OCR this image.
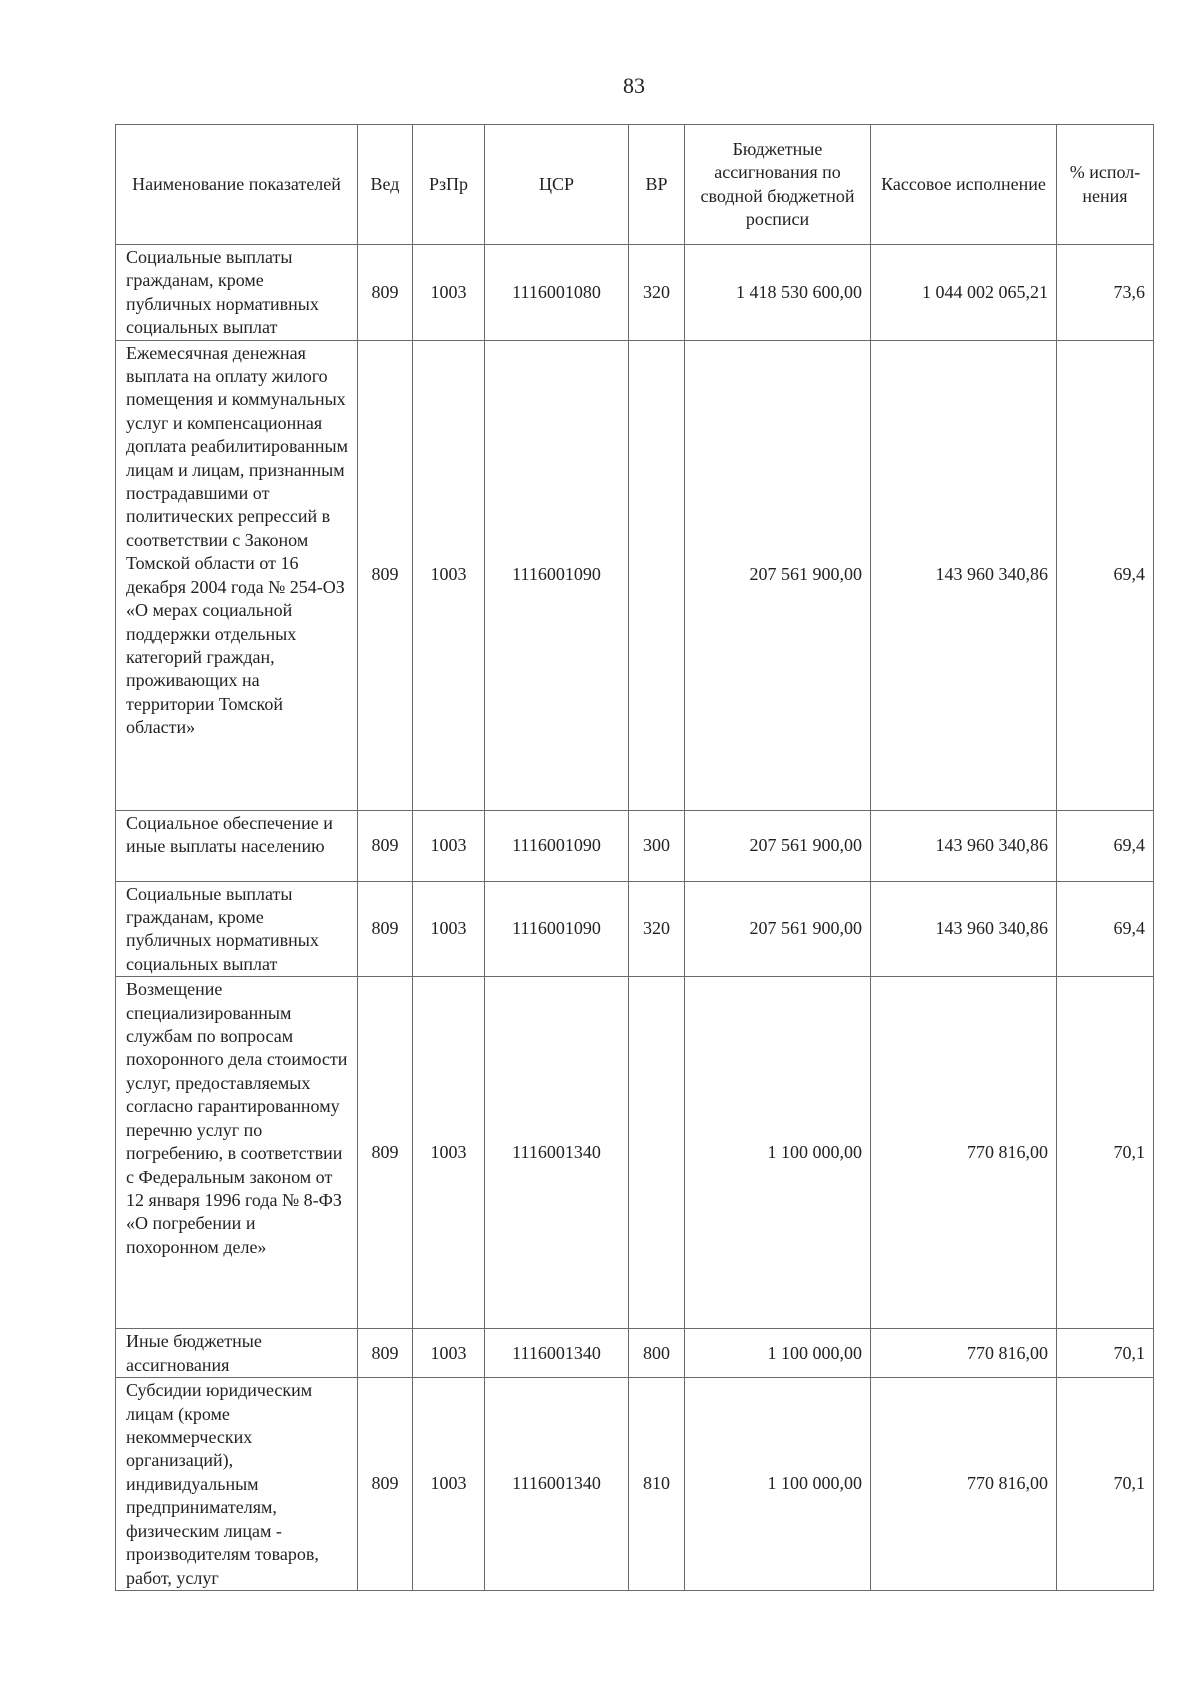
83
Наименование показателей	Вед	РзПр	ЦСР	ВР	Бюджетные ассигнования по сводной бюджетной росписи	Кассовое исполнение	% испол-нения
Социальные выплаты гражданам, кроме публичных нормативных социальных выплат	809	1003	1116001080	320	1 418 530 600,00	1 044 002 065,21	73,6
Ежемесячная денежная выплата на оплату жилого помещения и коммунальных услуг и компенсационная доплата реабилитированным лицам и лицам, признанным пострадавшими от политических репрессий в соответствии с Законом Томской области от 16 декабря 2004 года № 254-ОЗ «О мерах социальной поддержки отдельных категорий граждан, проживающих на территории Томской области»	809	1003	1116001090		207 561 900,00	143 960 340,86	69,4
Социальное обеспечение и иные выплаты населению	809	1003	1116001090	300	207 561 900,00	143 960 340,86	69,4
Социальные выплаты гражданам, кроме публичных нормативных социальных выплат	809	1003	1116001090	320	207 561 900,00	143 960 340,86	69,4
Возмещение специализированным службам по вопросам похоронного дела стоимости услуг, предоставляемых согласно гарантированному перечню услуг по погребению, в соответствии с Федеральным законом от 12 января 1996 года № 8-ФЗ «О погребении и похоронном деле»	809	1003	1116001340		1 100 000,00	770 816,00	70,1
Иные бюджетные ассигнования	809	1003	1116001340	800	1 100 000,00	770 816,00	70,1
Субсидии юридическим лицам (кроме некоммерческих организаций), индивидуальным предпринимателям, физическим лицам - производителям товаров, работ, услуг	809	1003	1116001340	810	1 100 000,00	770 816,00	70,1
